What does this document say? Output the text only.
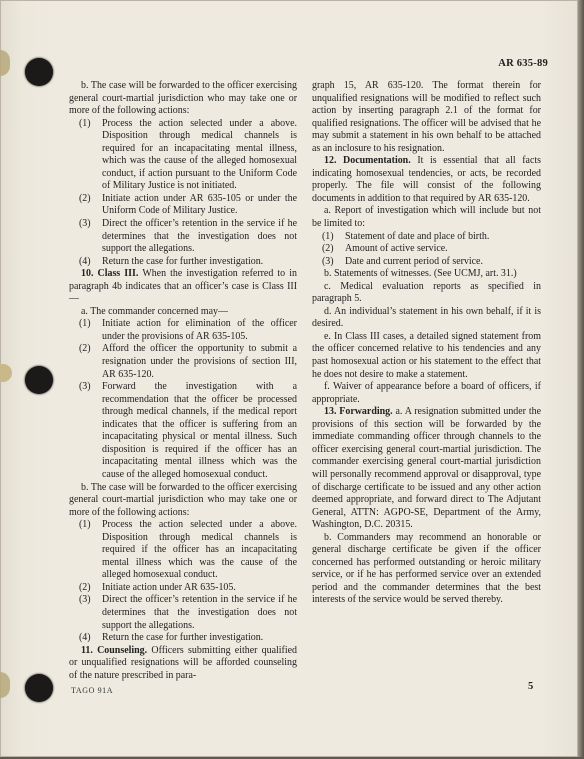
AR 635-89

b. The case will be forwarded to the officer exercising general court-martial jurisdiction who may take one or more of the following actions:

(1)	Process the action selected under a above. Disposition through medical channels is required for an incapacitating mental illness, which was the cause of the alleged homosexual conduct, if action pursuant to the Uniform Code of Military Justice is not initiated.
(2)	Initiate action under AR 635-105 or under the Uniform Code of Military Justice.
(3)	Direct the officer’s retention in the service if he determines that the investigation does not support the allegations.
(4)	Return the case for further investigation.

10. Class III. When the investigation referred to in paragraph 4b indicates that an officer’s case is Class III—

a. The commander concerned may—

(1)	Initiate action for elimination of the officer under the provisions of AR 635-105.
(2)	Afford the officer the opportunity to submit a resignation under the provisions of section III, AR 635-120.
(3)	Forward the investigation with a recommendation that the officer be processed through medical channels, if the medical report indicates that the officer is suffering from an incapacitating physical or mental illness. Such disposition is required if the officer has an incapacitating mental illness which was the cause of the alleged homosexual conduct.

b. The case will be forwarded to the officer exercising general court-martial jurisdiction who may take one or more of the following actions:

(1)	Process the action selected under a above. Disposition through medical channels is required if the officer has an incapacitating mental illness which was the cause of the alleged homosexual conduct.
(2)	Initiate action under AR 635-105.
(3)	Direct the officer’s retention in the service if he determines that the investigation does not support the allegations.
(4)	Return the case for further investigation.

11. Counseling. Officers submitting either qualified or unqualified resignations will be afforded counseling of the nature prescribed in para-

graph 15, AR 635-120. The format therein for unqualified resignations will be modified to reflect such action by inserting paragraph 2.1 of the format for qualified resignations. The officer will be advised that he may submit a statement in his own behalf to be attached as an inclosure to his resignation.

12. Documentation. It is essential that all facts indicating homosexual tendencies, or acts, be recorded properly. The file will consist of the following documents in addition to that required by AR 635-120.

a. Report of investigation which will include but not be limited to:

(1)	Statement of date and place of birth.
(2)	Amount of active service.
(3)	Date and current period of service.

b. Statements of witnesses. (See UCMJ, art. 31.)

c. Medical evaluation reports as specified in paragraph 5.

d. An individual’s statement in his own behalf, if it is desired.

e. In Class III cases, a detailed signed statement from the officer concerned relative to his tendencies and any past homosexual action or his statement to the effect that he does not desire to make a statement.

f. Waiver of appearance before a board of officers, if appropriate.

13. Forwarding. a. A resignation submitted under the provisions of this section will be forwarded by the immediate commanding officer through channels to the officer exercising general court-martial jurisdiction. The commander exercising general court-martial jurisdiction will personally recommend approval or disapproval, type of discharge certificate to be issued and any other action deemed appropriate, and forward direct to The Adjutant General, ATTN: AGPO-SE, Department of the Army, Washington, D.C. 20315.

b. Commanders may recommend an honorable or general discharge certificate be given if the officer concerned has performed outstanding or heroic military service, or if he has performed service over an extended period and the commander determines that the best interests of the service would be served thereby.

TAGO 91A	5
